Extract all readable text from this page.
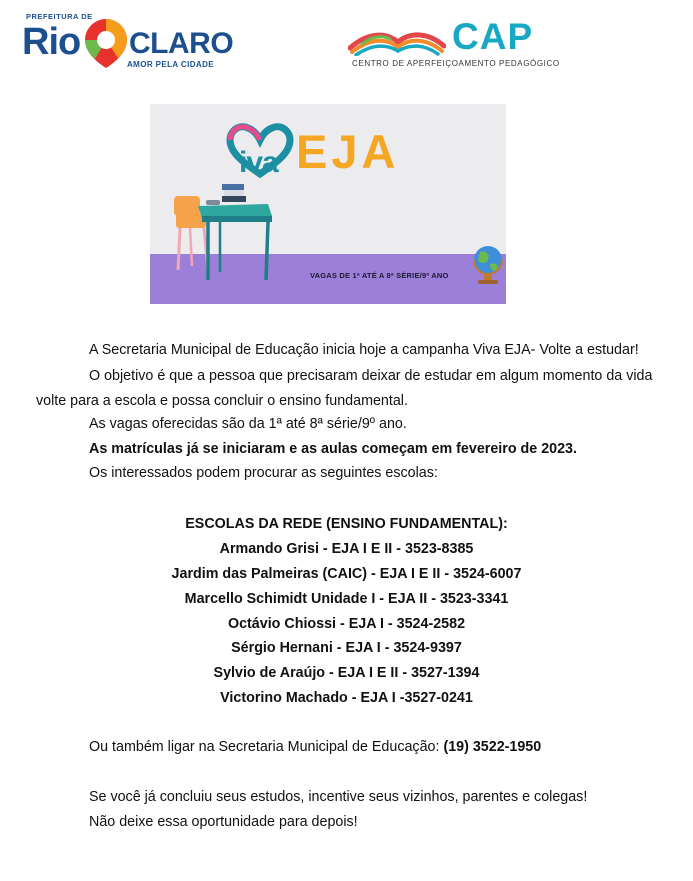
PREFEITURA DE
Rio CLARO
AMOR PELA CIDADE
CAP
CENTRO DE APERFEIÇOAMENTO PEDAGÓGICO
iva EJA
VAGAS DE 1ª ATÉ A 8ª SÉRIE/9º ANO
A Secretaria Municipal de Educação inicia hoje a campanha Viva EJA- Volte a estudar!
O objetivo é que a pessoa que precisaram deixar de estudar em algum momento da vida
volte para a escola e possa concluir o ensino fundamental.
As vagas oferecidas são da 1ª até 8ª série/9º ano.
As matrículas já se iniciaram e as aulas começam em fevereiro de 2023.
Os interessados podem procurar as seguintes escolas:
ESCOLAS DA REDE (ENSINO FUNDAMENTAL):
Armando Grisi - EJA I E II - 3523-8385
Jardim das Palmeiras (CAIC) - EJA I E II - 3524-6007
Marcello Schimidt Unidade I - EJA II - 3523-3341
Octávio Chiossi - EJA I - 3524-2582
Sérgio Hernani - EJA I - 3524-9397
Sylvio de Araújo - EJA I E II - 3527-1394
Victorino Machado - EJA I -3527-0241
Ou também ligar na Secretaria Municipal de Educação: (19) 3522-1950
Se você já concluiu seus estudos, incentive seus vizinhos, parentes e colegas!
Não deixe essa oportunidade para depois!
